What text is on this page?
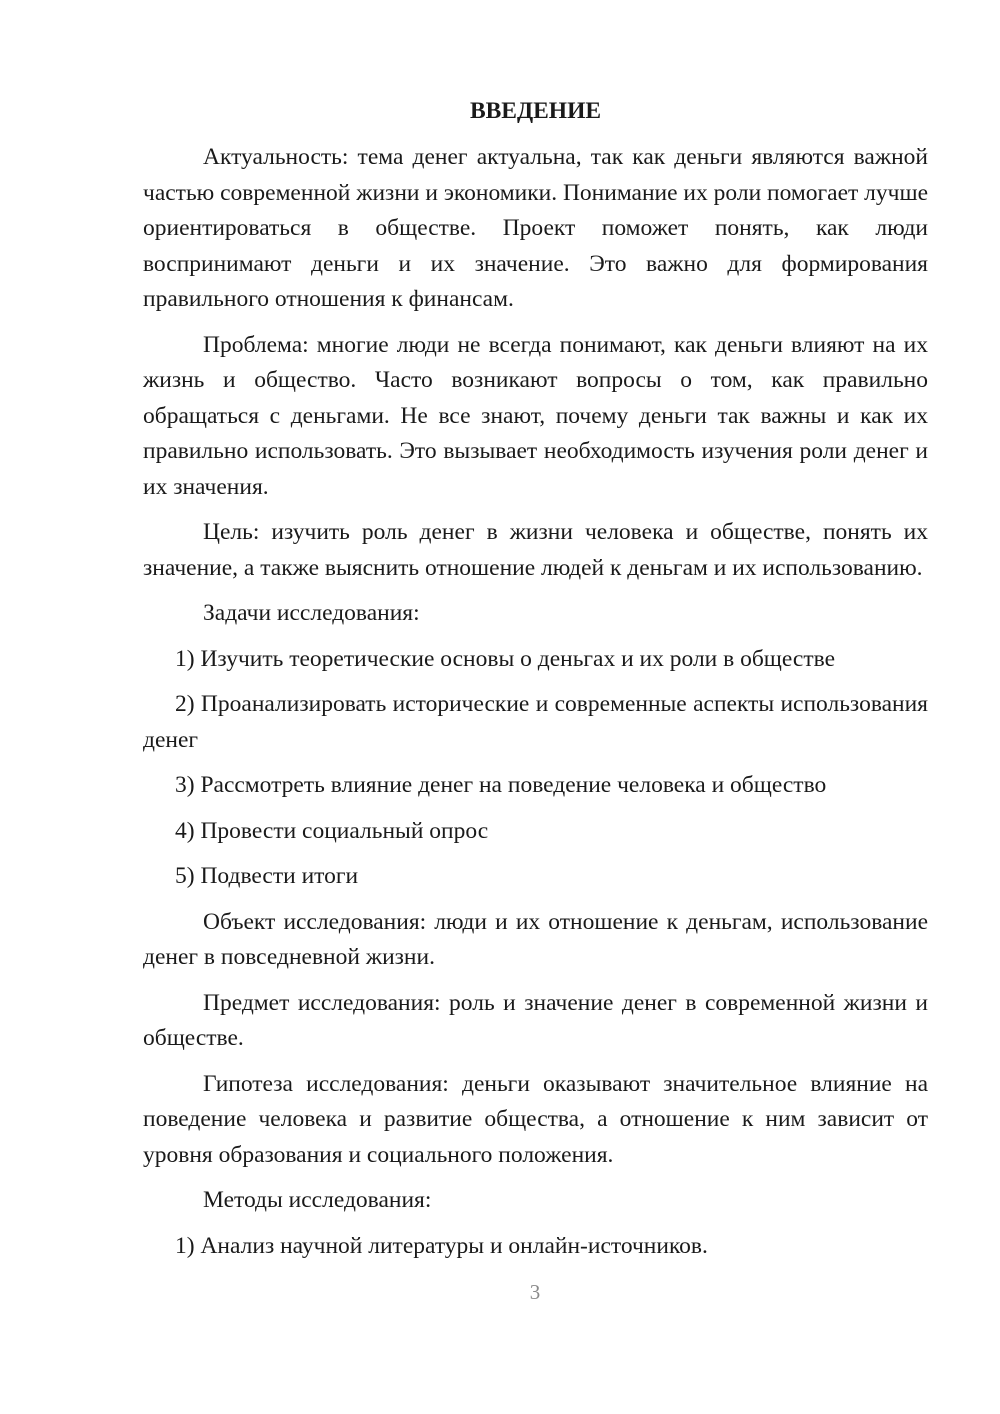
ВВЕДЕНИЕ

Актуальность: тема денег актуальна, так как деньги являются важной частью современной жизни и экономики. Понимание их роли помогает лучше ориентироваться в обществе. Проект поможет понять, как люди воспринимают деньги и их значение. Это важно для формирования правильного отношения к финансам.

Проблема: многие люди не всегда понимают, как деньги влияют на их жизнь и общество. Часто возникают вопросы о том, как правильно обращаться с деньгами. Не все знают, почему деньги так важны и как их правильно использовать. Это вызывает необходимость изучения роли денег и их значения.

Цель: изучить роль денег в жизни человека и обществе, понять их значение, а также выяснить отношение людей к деньгам и их использованию.

Задачи исследования:

1) Изучить теоретические основы о деньгах и их роли в обществе

2) Проанализировать исторические и современные аспекты использования денег

3) Рассмотреть влияние денег на поведение человека и общество

4) Провести социальный опрос

5) Подвести итоги

Объект исследования: люди и их отношение к деньгам, использование денег в повседневной жизни.

Предмет исследования: роль и значение денег в современной жизни и обществе.

Гипотеза исследования: деньги оказывают значительное влияние на поведение человека и развитие общества, а отношение к ним зависит от уровня образования и социального положения.

Методы исследования:

1) Анализ научной литературы и онлайн-источников.

3
